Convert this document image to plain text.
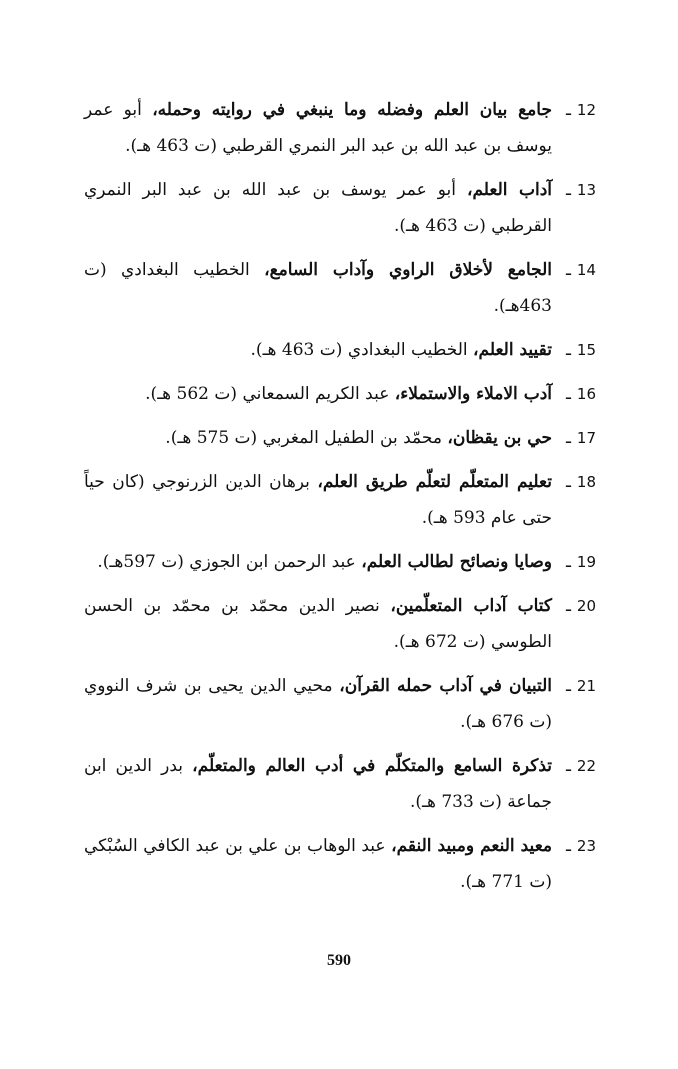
12
ـ
جامع بيان العلم وفضله وما ينبغي في روايته وحمله، أبو عمر يوسف بن عبد الله بن عبد البر النمري القرطبي (ت 463 هـ).
13
ـ
آداب العلم، أبو عمر يوسف بن عبد الله بن عبد البر النمري القرطبي (ت 463 هـ).
14
ـ
الجامع لأخلاق الراوي وآداب السامع، الخطيب البغدادي (ت 463هـ).
15
ـ
تقييد العلم، الخطيب البغدادي (ت 463 هـ).
16
ـ
آدب الاملاء والاستملاء، عبد الكريم السمعاني (ت 562 هـ).
17
ـ
حي بن يقظان، محمّد بن الطفيل المغربي (ت 575 هـ).
18
ـ
تعليم المتعلّم لتعلّم طريق العلم، برهان الدين الزرنوجي (كان حياً حتى عام 593 هـ).
19
ـ
وصايا ونصائح لطالب العلم، عبد الرحمن ابن الجوزي (ت 597هـ).
20
ـ
كتاب آداب المتعلّمين، نصير الدين محمّد بن محمّد بن الحسن الطوسي (ت 672 هـ).
21
ـ
التبيان في آداب حمله القرآن، محيي الدين يحيى بن شرف النووي (ت 676 هـ).
22
ـ
تذكرة السامع والمتكلّم في أدب العالم والمتعلّم، بدر الدين ابن جماعة (ت 733 هـ).
23
ـ
معيد النعم ومبيد النقم، عبد الوهاب بن علي بن عبد الكافي السُبْكي (ت 771 هـ).
590
